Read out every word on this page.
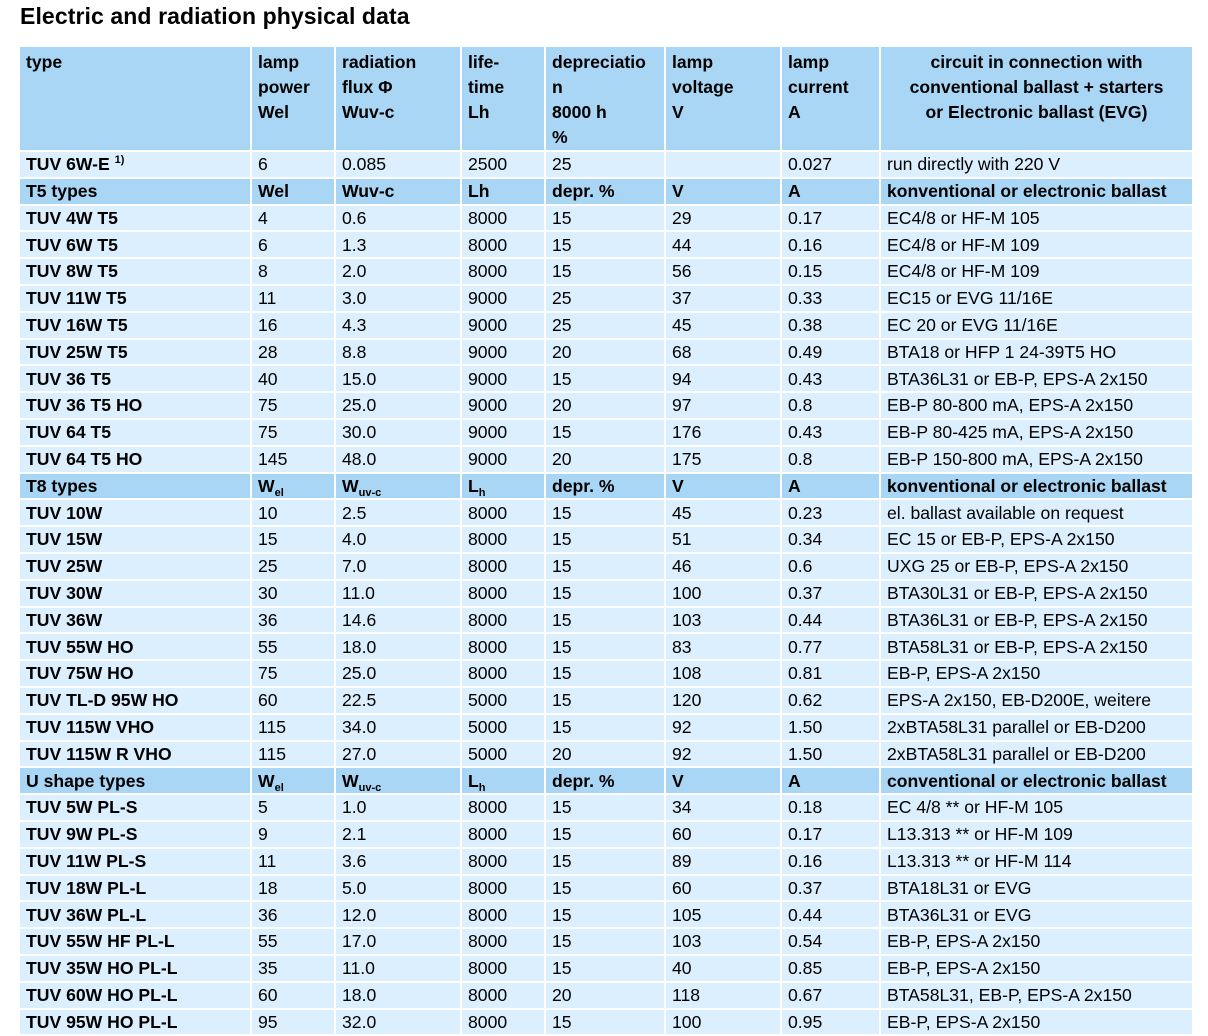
Electric and radiation physical data
type	lamp
power
Wel	radiation
flux Φ
Wuv-c	life-
time
Lh	depreciatio
n
8000 h
%	lamp
voltage
V	lamp
current
A	circuit in connection with
conventional ballast + starters
or Electronic ballast (EVG)
TUV 6W-E $^{1)}$	6	0.085	2500	25		0.027	run directly with 220 V
T5 types	Wel	Wuv-c	Lh	depr. %	V	A	konventional or electronic ballast
TUV 4W T5	4	0.6	8000	15	29	0.17	EC4/8 or HF-M 105
TUV 6W T5	6	1.3	8000	15	44	0.16	EC4/8 or HF-M 109
TUV 8W T5	8	2.0	8000	15	56	0.15	EC4/8 or HF-M 109
TUV 11W T5	11	3.0	9000	25	37	0.33	EC15 or EVG 11/16E
TUV 16W T5	16	4.3	9000	25	45	0.38	EC 20 or EVG 11/16E
TUV 25W T5	28	8.8	9000	20	68	0.49	BTA18 or HFP 1 24-39T5 HO
TUV 36 T5	40	15.0	9000	15	94	0.43	BTA36L31 or EB-P, EPS-A 2x150
TUV 36 T5 HO	75	25.0	9000	20	97	0.8	EB-P 80-800 mA, EPS-A 2x150
TUV 64 T5	75	30.0	9000	15	176	0.43	EB-P 80-425 mA, EPS-A 2x150
TUV 64 T5 HO	145	48.0	9000	20	175	0.8	EB-P 150-800 mA, EPS-A 2x150
T8 types	$W_{el}$	$W_{uv-c}$	$L_h$	depr. %	V	A	konventional or electronic ballast
TUV 10W	10	2.5	8000	15	45	0.23	el. ballast available on request
TUV 15W	15	4.0	8000	15	51	0.34	EC 15 or EB-P, EPS-A 2x150
TUV 25W	25	7.0	8000	15	46	0.6	UXG 25 or EB-P, EPS-A 2x150
TUV 30W	30	11.0	8000	15	100	0.37	BTA30L31 or EB-P, EPS-A 2x150
TUV 36W	36	14.6	8000	15	103	0.44	BTA36L31 or EB-P, EPS-A 2x150
TUV 55W HO	55	18.0	8000	15	83	0.77	BTA58L31 or EB-P, EPS-A 2x150
TUV 75W HO	75	25.0	8000	15	108	0.81	EB-P, EPS-A 2x150
TUV TL-D 95W HO	60	22.5	5000	15	120	0.62	EPS-A 2x150, EB-D200E, weitere
TUV 115W VHO	115	34.0	5000	15	92	1.50	2xBTA58L31 parallel or EB-D200
TUV 115W R VHO	115	27.0	5000	20	92	1.50	2xBTA58L31 parallel or EB-D200
U shape types	$W_{el}$	$W_{uv-c}$	$L_h$	depr. %	V	A	conventional or electronic ballast
TUV 5W PL-S	5	1.0	8000	15	34	0.18	EC 4/8 ** or HF-M 105
TUV 9W PL-S	9	2.1	8000	15	60	0.17	L13.313 ** or HF-M 109
TUV 11W PL-S	11	3.6	8000	15	89	0.16	L13.313 ** or HF-M 114
TUV 18W PL-L	18	5.0	8000	15	60	0.37	BTA18L31 or EVG
TUV 36W PL-L	36	12.0	8000	15	105	0.44	BTA36L31 or EVG
TUV 55W HF PL-L	55	17.0	8000	15	103	0.54	EB-P, EPS-A 2x150
TUV 35W HO PL-L	35	11.0	8000	15	40	0.85	EB-P, EPS-A 2x150
TUV 60W HO PL-L	60	18.0	8000	20	118	0.67	BTA58L31, EB-P, EPS-A 2x150
TUV 95W HO PL-L	95	32.0	8000	15	100	0.95	EB-P, EPS-A 2x150
